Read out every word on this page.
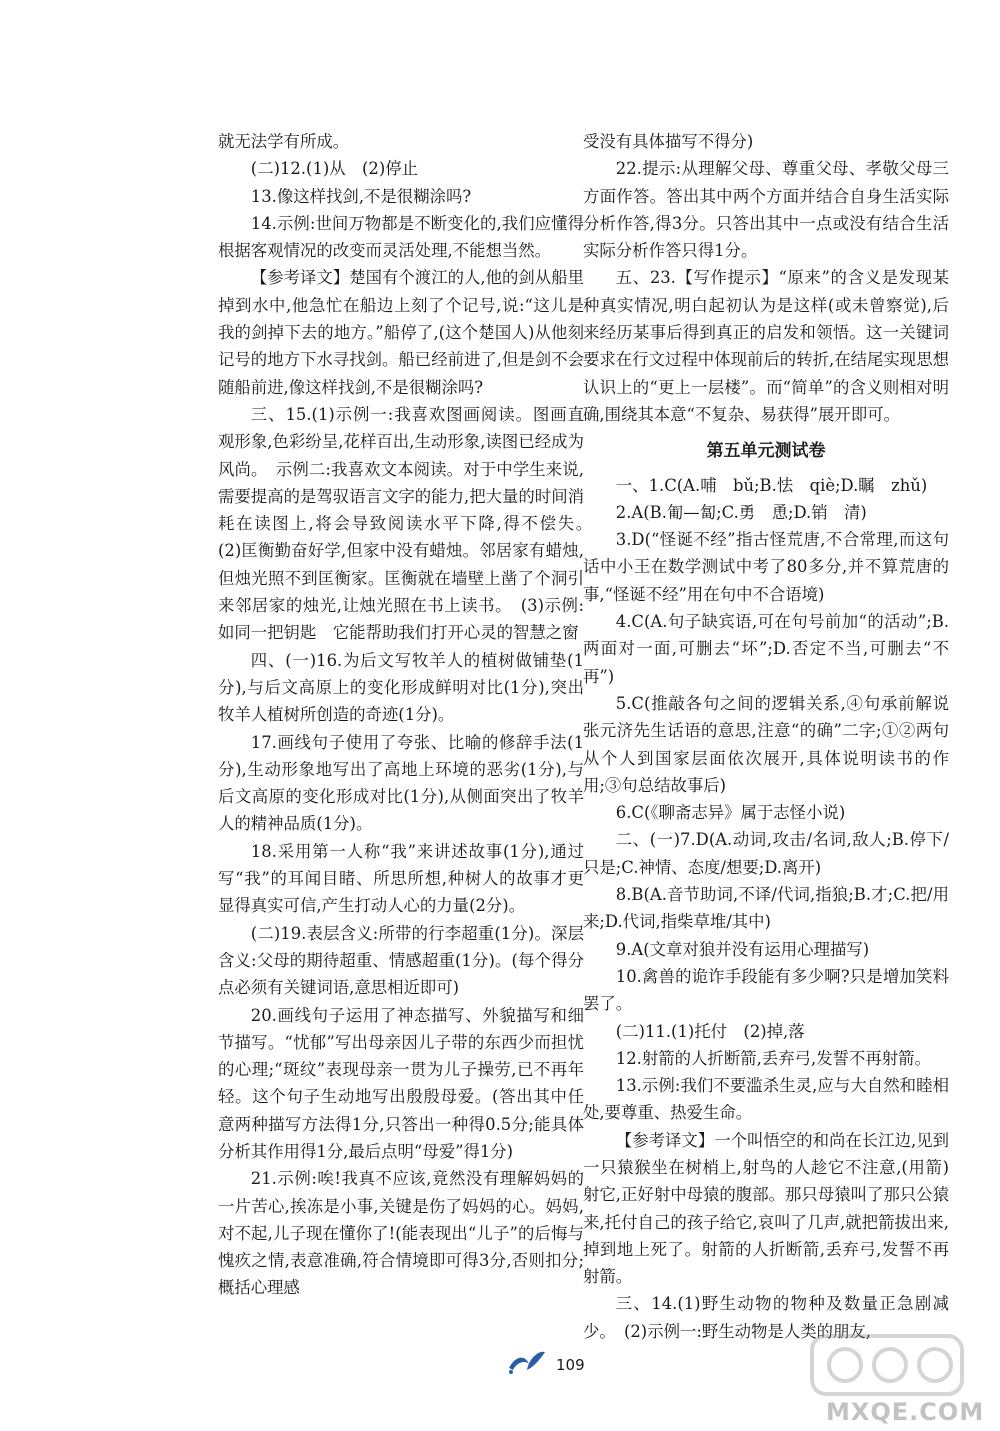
就无法学有所成。

(二)12.(1)从　(2)停止

13.像这样找剑,不是很糊涂吗?

14.示例:世间万物都是不断变化的,我们应懂得根据客观情况的改变而灵活处理,不能想当然。

【参考译文】楚国有个渡江的人,他的剑从船里掉到水中,他急忙在船边上刻了个记号,说:“这儿是我的剑掉下去的地方。”船停了,(这个楚国人)从他刻记号的地方下水寻找剑。船已经前进了,但是剑不会随船前进,像这样找剑,不是很糊涂吗?

三、15.(1)示例一:我喜欢图画阅读。图画直观形象,色彩纷呈,花样百出,生动形象,读图已经成为风尚。　示例二:我喜欢文本阅读。对于中学生来说,需要提高的是驾驭语言文字的能力,把大量的时间消耗在读图上,将会导致阅读水平下降,得不偿失。　(2)匡衡勤奋好学,但家中没有蜡烛。邻居家有蜡烛,但烛光照不到匡衡家。匡衡就在墙壁上凿了个洞引来邻居家的烛光,让烛光照在书上读书。　(3)示例:如同一把钥匙　它能帮助我们打开心灵的智慧之窗

四、(一)16.为后文写牧羊人的植树做铺垫(1分),与后文高原上的变化形成鲜明对比(1分),突出牧羊人植树所创造的奇迹(1分)。

17.画线句子使用了夸张、比喻的修辞手法(1分),生动形象地写出了高地上环境的恶劣(1分),与后文高原的变化形成对比(1分),从侧面突出了牧羊人的精神品质(1分)。

18.采用第一人称“我”来讲述故事(1分),通过写“我”的耳闻目睹、所思所想,种树人的故事才更显得真实可信,产生打动人心的力量(2分)。

(二)19.表层含义:所带的行李超重(1分)。深层含义:父母的期待超重、情感超重(1分)。(每个得分点必须有关键词语,意思相近即可)

20.画线句子运用了神态描写、外貌描写和细节描写。“忧郁”写出母亲因儿子带的东西少而担忧的心理;“斑纹”表现母亲一贯为儿子操劳,已不再年轻。这个句子生动地写出殷殷母爱。(答出其中任意两种描写方法得1分,只答出一种得0.5分;能具体分析其作用得1分,最后点明“母爱”得1分)

21.示例:唉!我真不应该,竟然没有理解妈妈的一片苦心,挨冻是小事,关键是伤了妈妈的心。妈妈,对不起,儿子现在懂你了!(能表现出“儿子”的后悔与愧疚之情,表意准确,符合情境即可得3分,否则扣分;概括心理感

受没有具体描写不得分)

22.提示:从理解父母、尊重父母、孝敬父母三方面作答。答出其中两个方面并结合自身生活实际分析作答,得3分。只答出其中一点或没有结合生活实际分析作答只得1分。

五、23.【写作提示】“原来”的含义是发现某种真实情况,明白起初认为是这样(或未曾察觉),后来经历某事后得到真正的启发和领悟。这一关键词要求在行文过程中体现前后的转折,在结尾实现思想认识上的“更上一层楼”。而“简单”的含义则相对明确,围绕其本意“不复杂、易获得”展开即可。

第五单元测试卷

一、1.C(A.哺　bǔ;B.怯　qiè;D.瞩　zhǔ)

2.A(B.匍—匐;C.勇　恿;D.销　清)

3.D(“怪诞不经”指古怪荒唐,不合常理,而这句话中小王在数学测试中考了80多分,并不算荒唐的事,“怪诞不经”用在句中不合语境)

4.C(A.句子缺宾语,可在句号前加“的活动”;B.两面对一面,可删去“坏”;D.否定不当,可删去“不再”)

5.C(推敲各句之间的逻辑关系,④句承前解说张元济先生话语的意思,注意“的确”二字;①②两句从个人到国家层面依次展开,具体说明读书的作用;③句总结故事后)

6.C(《聊斋志异》属于志怪小说)

二、(一)7.D(A.动词,攻击/名词,敌人;B.停下/只是;C.神情、态度/想要;D.离开)

8.B(A.音节助词,不译/代词,指狼;B.才;C.把/用来;D.代词,指柴草堆/其中)

9.A(文章对狼并没有运用心理描写)

10.禽兽的诡诈手段能有多少啊?只是增加笑料罢了。

(二)11.(1)托付　(2)掉,落

12.射箭的人折断箭,丢弃弓,发誓不再射箭。

13.示例:我们不要滥杀生灵,应与大自然和睦相处,要尊重、热爱生命。

【参考译文】一个叫悟空的和尚在长江边,见到一只猿猴坐在树梢上,射鸟的人趁它不注意,(用箭)射它,正好射中母猿的腹部。那只母猿叫了那只公猿来,托付自己的孩子给它,哀叫了几声,就把箭拔出来,掉到地上死了。射箭的人折断箭,丢弃弓,发誓不再射箭。

三、14.(1)野生动物的物种及数量正急剧减少。　(2)示例一:野生动物是人类的朋友,

109
MXQE.COM
